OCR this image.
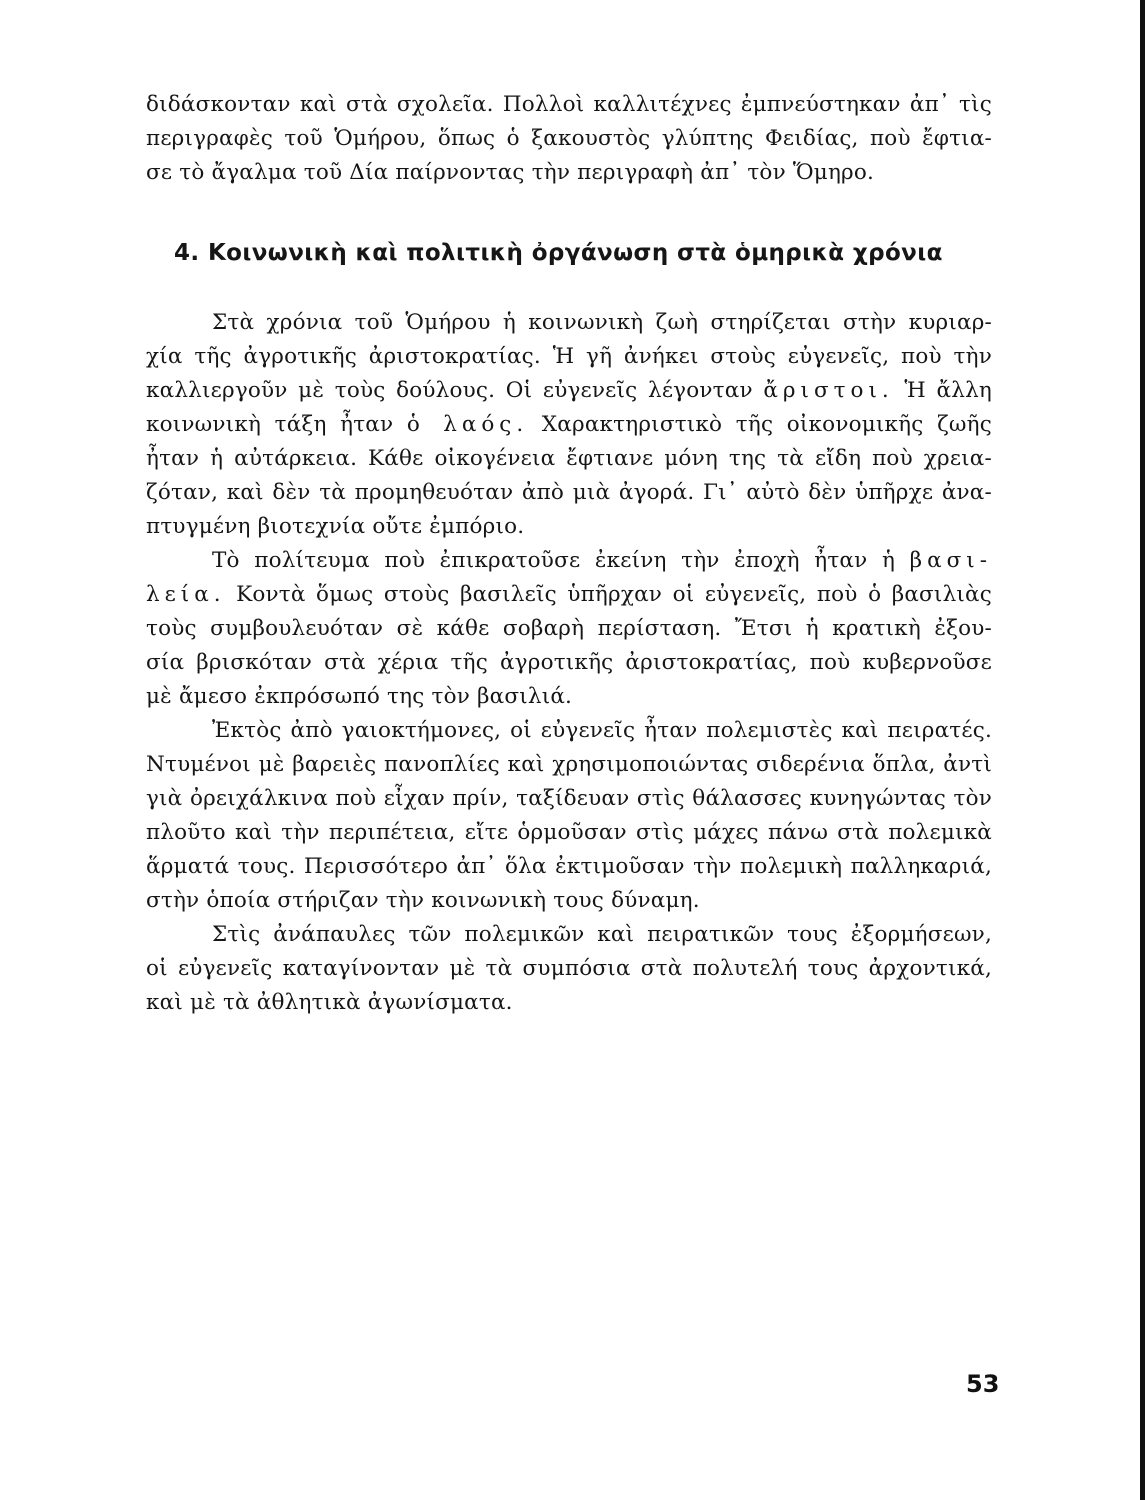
διδάσκονταν καὶ στὰ σχολεῖα. Πολλοὶ καλλιτέχνες ἐμπνεύστηκαν ἀπ᾿ τὶς
περιγραφὲς τοῦ Ὁμήρου, ὅπως ὁ ξακουστὸς γλύπτης Φειδίας, ποὺ ἔφτια-
σε τὸ ἄγαλμα τοῦ Δία παίρνοντας τὴν περιγραφὴ ἀπ᾿ τὸν Ὅμηρο.
4. Κοινωνικὴ καὶ πολιτικὴ ὀργάνωση στὰ ὁμηρικὰ χρόνια
Στὰ χρόνια τοῦ Ὁμήρου ἡ κοινωνικὴ ζωὴ στηρίζεται στὴν κυριαρ-
χία τῆς ἀγροτικῆς ἀριστοκρατίας. Ἡ γῆ ἀνήκει στοὺς εὐγενεῖς, ποὺ τὴν
καλλιεργοῦν μὲ τοὺς δούλους. Οἱ εὐγενεῖς λέγονταν ἄριστοι. Ἡ ἄλλη
κοινωνικὴ τάξη ἦταν ὁ λαός. Χαρακτηριστικὸ τῆς οἰκονομικῆς ζωῆς
ἦταν ἡ αὐτάρκεια. Κάθε οἰκογένεια ἔφτιανε μόνη της τὰ εἴδη ποὺ χρεια-
ζόταν, καὶ δὲν τὰ προμηθευόταν ἀπὸ μιὰ ἀγορά. Γι᾿ αὐτὸ δὲν ὑπῆρχε ἀνα-
πτυγμένη βιοτεχνία οὔτε ἐμπόριο.
Τὸ πολίτευμα ποὺ ἐπικρατοῦσε ἐκείνη τὴν ἐποχὴ ἦταν ἡ βασι-
λεία. Κοντὰ ὅμως στοὺς βασιλεῖς ὑπῆρχαν οἱ εὐγενεῖς, ποὺ ὁ βασιλιὰς
τοὺς συμβουλευόταν σὲ κάθε σοβαρὴ περίσταση. Ἔτσι ἡ κρατικὴ ἐξου-
σία βρισκόταν στὰ χέρια τῆς ἀγροτικῆς ἀριστοκρατίας, ποὺ κυβερνοῦσε
μὲ ἄμεσο ἐκπρόσωπό της τὸν βασιλιά.
Ἐκτὸς ἀπὸ γαιοκτήμονες, οἱ εὐγενεῖς ἦταν πολεμιστὲς καὶ πειρατές.
Ντυμένοι μὲ βαρειὲς πανοπλίες καὶ χρησιμοποιώντας σιδερένια ὅπλα, ἀντὶ
γιὰ ὀρειχάλκινα ποὺ εἶχαν πρίν, ταξίδευαν στὶς θάλασσες κυνηγώντας τὸν
πλοῦτο καὶ τὴν περιπέτεια, εἴτε ὁρμοῦσαν στὶς μάχες πάνω στὰ πολεμικὰ
ἅρματά τους. Περισσότερο ἀπ᾿ ὅλα ἐκτιμοῦσαν τὴν πολεμικὴ παλληκαριά,
στὴν ὁποία στήριζαν τὴν κοινωνικὴ τους δύναμη.
Στὶς ἀνάπαυλες τῶν πολεμικῶν καὶ πειρατικῶν τους ἐξορμήσεων,
οἱ εὐγενεῖς καταγίνονταν μὲ τὰ συμπόσια στὰ πολυτελή τους ἀρχοντικά,
καὶ μὲ τὰ ἀθλητικὰ ἀγωνίσματα.
53
